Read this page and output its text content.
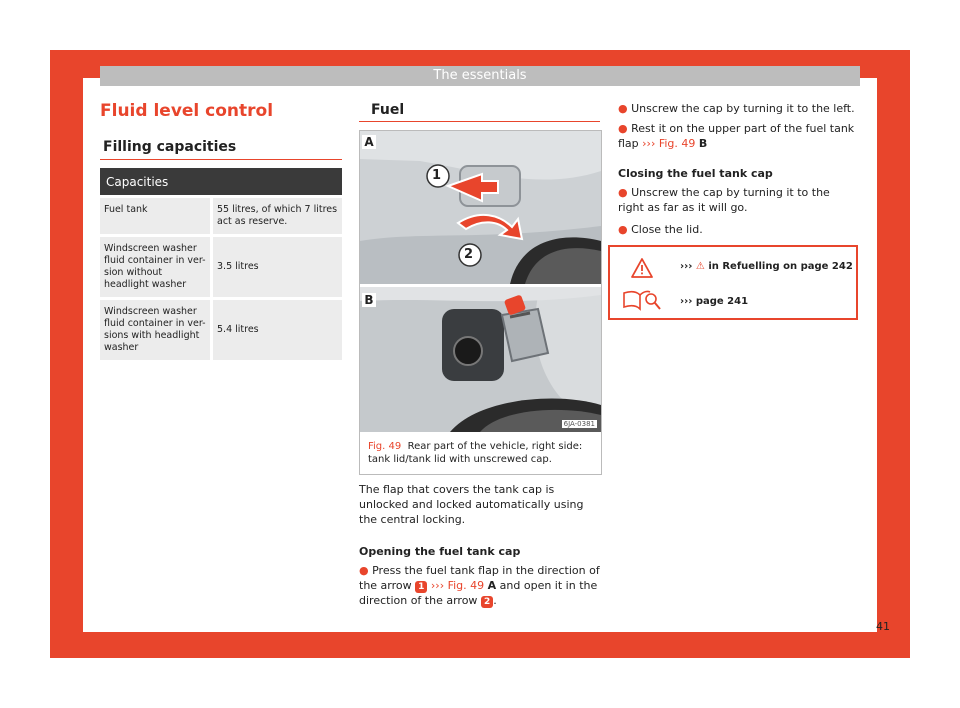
The essentials
Fluid level control
Filling capacities
Capacities	
Fuel tank	55 litres, of which 7 litres act as reserve.
Windscreen washer fluid container in ver-sion without headlight washer	3.5 litres
Windscreen washer fluid container in ver-sions with headlight washer	5.4 litres
Fuel
A
1
2
B
6JA-0381
Fig. 49 Rear part of the vehicle, right side: tank lid/tank lid with unscrewed cap.
The flap that covers the tank cap is unlocked and locked automatically using the central locking.
Opening the fuel tank cap
● Press the fuel tank flap in the direction of the arrow 1 ››› Fig. 49 A and open it in the direction of the arrow 2 .
● Unscrew the cap by turning it to the left.
● Rest it on the upper part of the fuel tank flap ››› Fig. 49 B
Closing the fuel tank cap
● Unscrew the cap by turning it to the right as far as it will go.
● Close the lid.
››› ⚠ in Refuelling on page 242
››› page 241
41
